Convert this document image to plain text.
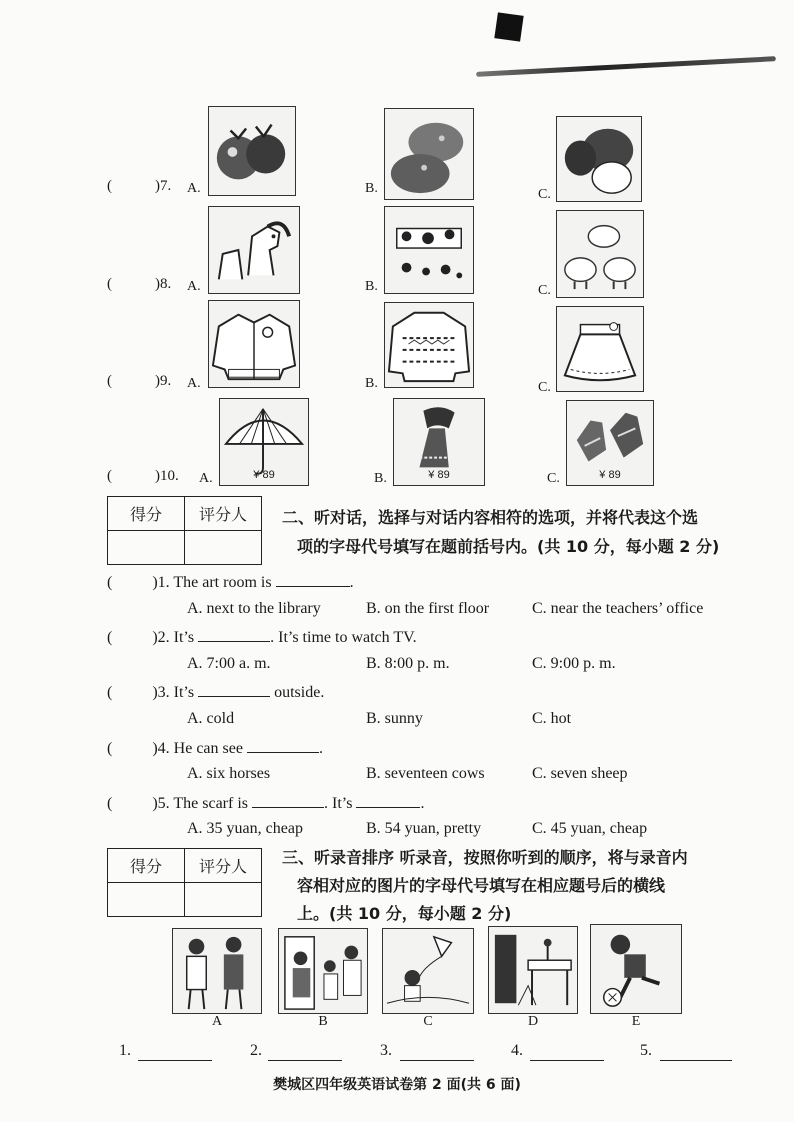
(	)7. A.	B.	C.
(	)8. A.	B.	C.
(	)9. A.	B.	C.
(	)10. A.	B.	C.
¥ 89	¥ 89	¥ 89
得分	评分人
	二、听对话，选择与对话内容相符的选项，并将代表这个选
项的字母代号填写在题前括号内。(共 10 分，每小题 2 分)
(	)1. The art room is	.
A. next to the library	B. on the first floor	C. near the teachers’ office
(	)2. It’s	. It’s time to watch TV.
A. 7:00 a. m.	B. 8:00 p. m.	C. 9:00 p. m.
(	)3. It’s	outside.
A. cold	B. sunny	C. hot
(	)4. He can see	.
A. six horses	B. seventeen cows	C. seven sheep
(	)5. The scarf is	. It’s	.
A. 35 yuan, cheap	B. 54 yuan, pretty	C. 45 yuan, cheap
得分	评分人
	三、听录音排序 听录音，按照你听到的顺序，将与录音内
容相对应的图片的字母代号填写在相应题号后的横线
上。(共 10 分，每小题 2 分)
A	B	C	D	E
1.	2.	3.	4.	5.
樊城区四年级英语试卷第 2 面(共 6 面)
